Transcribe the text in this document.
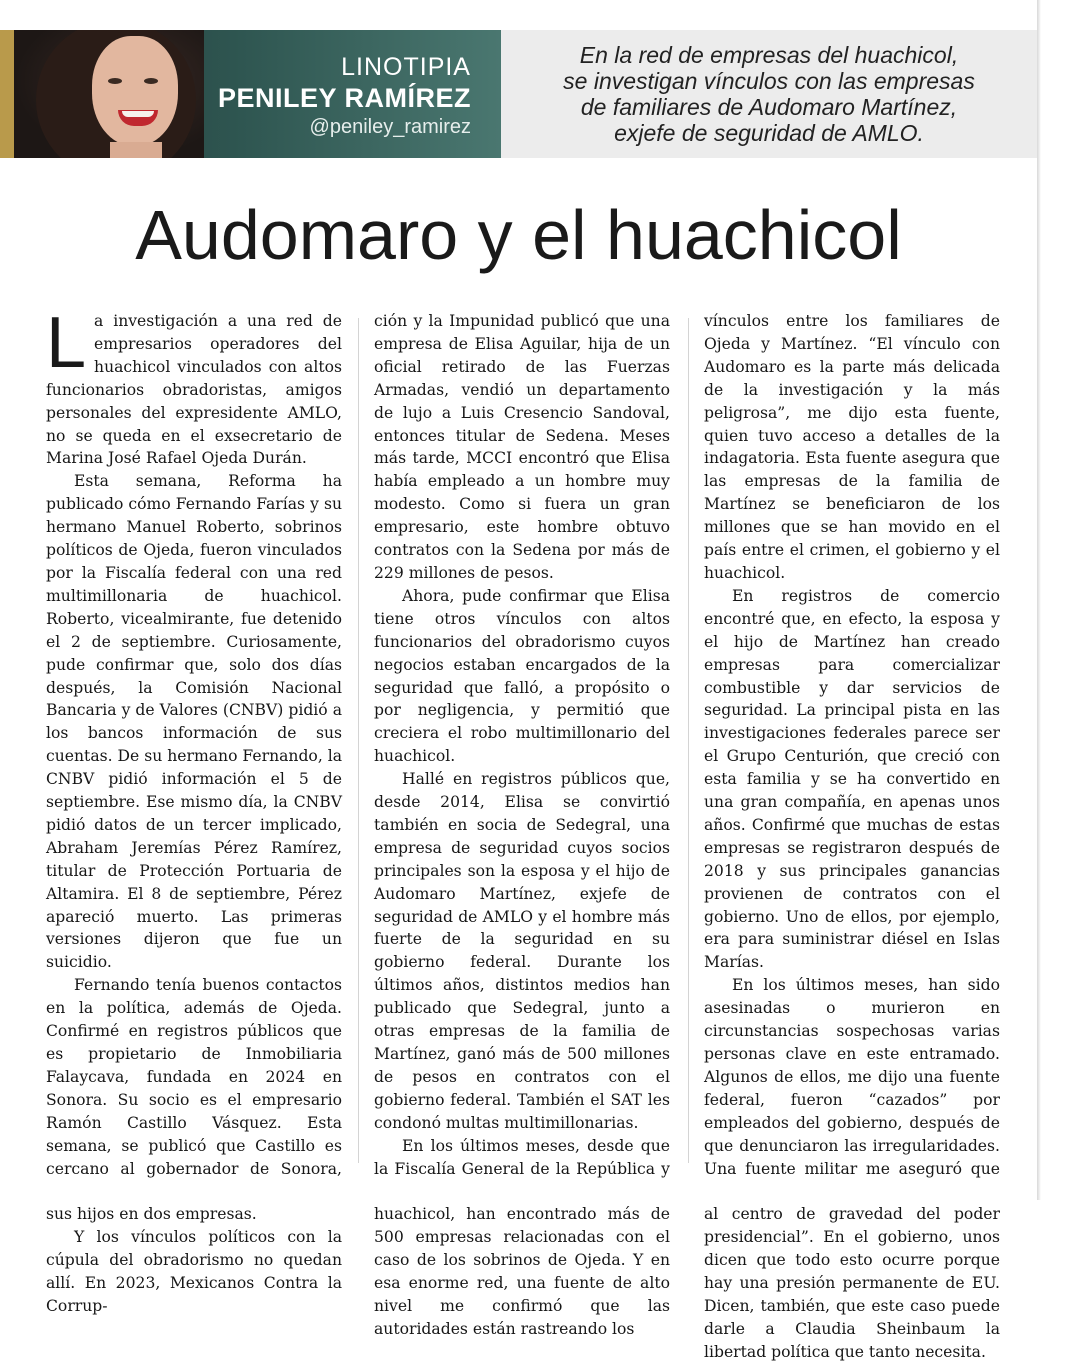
LINOTIPIA
PENILEY RAMÍREZ
@peniley_ramirez
En la red de empresas del huachicol,
se investigan vínculos con las empresas
de familiares de Audomaro Martínez,
exjefe de seguridad de AMLO.
Audomaro y el huachicol

La investigación a una red de empresarios operadores del huachicol vinculados con altos funcionarios obradoristas, amigos personales del expresidente AMLO, no se queda en el exsecretario de Marina José Rafael Ojeda Durán.

Esta semana, Reforma ha publicado cómo Fernando Farías y su hermano Manuel Roberto, sobrinos políticos de Ojeda, fueron vinculados por la Fiscalía federal con una red multimillonaria de huachicol. Roberto, vicealmirante, fue detenido el 2 de septiembre. Curiosamente, pude confirmar que, solo dos días después, la Comisión Nacional Bancaria y de Valores (CNBV) pidió a los bancos información de sus cuentas. De su hermano Fernando, la CNBV pidió información el 5 de septiembre. Ese mismo día, la CNBV pidió datos de un tercer implicado, Abraham Jeremías Pérez Ramírez, titular de Protección Portuaria de Altamira. El 8 de septiembre, Pérez apareció muerto. Las primeras versiones dijeron que fue un suicidio.

Fernando tenía buenos contactos en la política, además de Ojeda. Confirmé en registros públicos que es propietario de Inmobiliaria Falaycava, fundada en 2024 en Sonora. Su socio es el empresario Ramón Castillo Vásquez. Esta semana, se publicó que Castillo es cercano al gobernador de Sonora, sus hijos en dos empresas.

Y los vínculos políticos con la cúpula del obradorismo no quedan allí. En 2023, Mexicanos Contra la Corrup-

ción y la Impunidad publicó que una empresa de Elisa Aguilar, hija de un oficial retirado de las Fuerzas Armadas, vendió un departamento de lujo a Luis Cresencio Sandoval, entonces titular de Sedena. Meses más tarde, MCCI encontró que Elisa había empleado a un hombre muy modesto. Como si fuera un gran empresario, este hombre obtuvo contratos con la Sedena por más de 229 millones de pesos.

Ahora, pude confirmar que Elisa tiene otros vínculos con altos funcionarios del obradorismo cuyos negocios estaban encargados de la seguridad que falló, a propósito o por negligencia, y permitió que creciera el robo multimillonario del huachicol.

Hallé en registros públicos que, desde 2014, Elisa se convirtió también en socia de Sedegral, una empresa de seguridad cuyos socios principales son la esposa y el hijo de Audomaro Martínez, exjefe de seguridad de AMLO y el hombre más fuerte de la seguridad en su gobierno federal. Durante los últimos años, distintos medios han publicado que Sedegral, junto a otras empresas de la familia de Martínez, ganó más de 500 millones de pesos en contratos con el gobierno federal. También el SAT les condonó multas multimillonarias.

En los últimos meses, desde que la Fiscalía General de la República y huachicol, han encontrado más de 500 empresas relacionadas con el caso de los sobrinos de Ojeda. Y en esa enorme red, una fuente de alto nivel me confirmó que las autoridades están rastreando los

vínculos entre los familiares de Ojeda y Martínez. “El vínculo con Audomaro es la parte más delicada de la investigación y la más peligrosa”, me dijo esta fuente, quien tuvo acceso a detalles de la indagatoria. Esta fuente asegura que las empresas de la familia de Martínez se beneficiaron de los millones que se han movido en el país entre el crimen, el gobierno y el huachicol.

En registros de comercio encontré que, en efecto, la esposa y el hijo de Martínez han creado empresas para comercializar combustible y dar servicios de seguridad. La principal pista en las investigaciones federales parece ser el Grupo Centurión, que creció con esta familia y se ha convertido en una gran compañía, en apenas unos años. Confirmé que muchas de estas empresas se registraron después de 2018 y sus principales ganancias provienen de contratos con el gobierno. Uno de ellos, por ejemplo, era para suministrar diésel en Islas Marías.

En los últimos meses, han sido asesinadas o murieron en circunstancias sospechosas varias personas clave en este entramado. Algunos de ellos, me dijo una fuente federal, fueron “cazados” por empleados del gobierno, después de que denunciaron las irregularidades. Una fuente militar me aseguró que al centro de gravedad del poder presidencial”. En el gobierno, unos dicen que todo esto ocurre porque hay una presión permanente de EU. Dicen, también, que este caso puede darle a Claudia Sheinbaum la libertad política que tanto necesita.
